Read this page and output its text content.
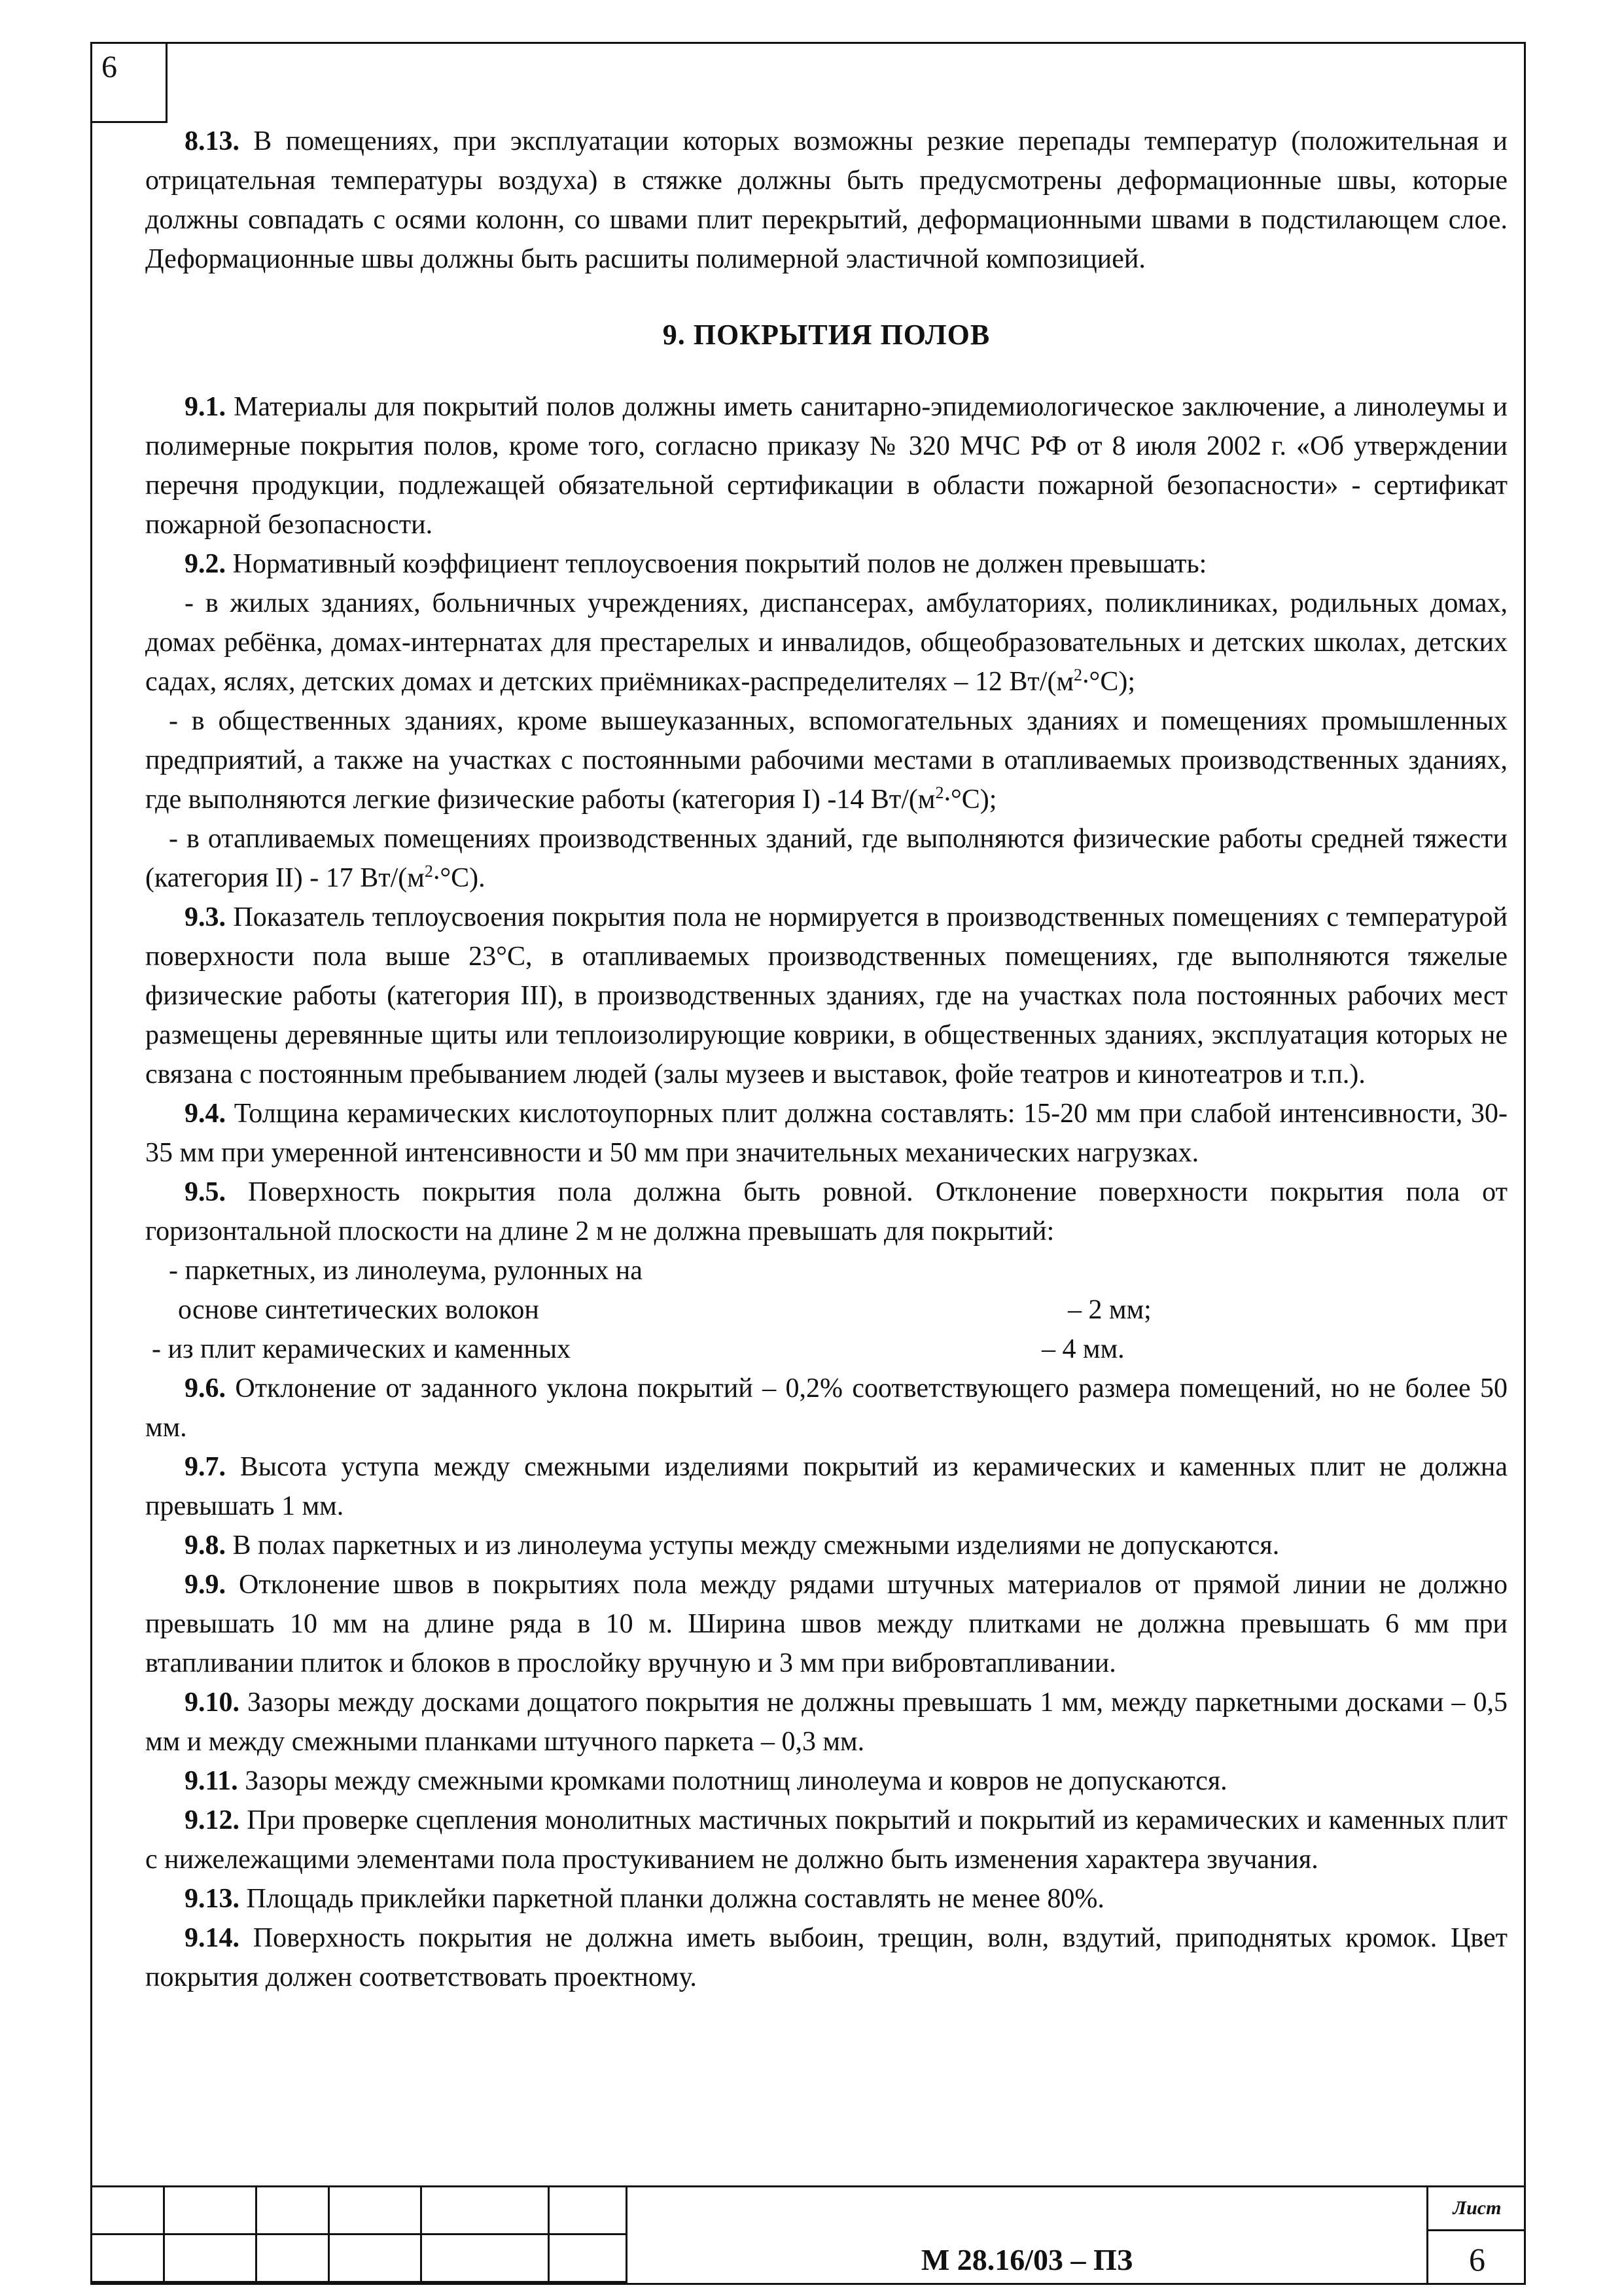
6

8.13. В помещениях, при эксплуатации которых возможны резкие перепады температур (положительная и отрицательная температуры воздуха) в стяжке должны быть предусмотрены деформационные швы, которые должны совпадать с осями колонн, со швами плит перекрытий, деформационными швами в подстилающем слое. Деформационные швы должны быть расшиты полимерной эластичной композицией.

9. ПОКРЫТИЯ ПОЛОВ

9.1. Материалы для покрытий полов должны иметь санитарно-эпидемиологическое заключение, а линолеумы и полимерные покрытия полов, кроме того, согласно приказу № 320 МЧС РФ от 8 июля 2002 г. «Об утверждении перечня продукции, подлежащей обязательной сертификации в области пожарной безопасности» - сертификат пожарной безопасности.

9.2. Нормативный коэффициент теплоусвоения покрытий полов не должен превышать:

- в жилых зданиях, больничных учреждениях, диспансерах, амбулаториях, поликлиниках, родильных домах, домах ребёнка, домах-интернатах для престарелых и инвалидов, общеобразовательных и детских школах, детских садах, яслях, детских домах и детских приёмниках-распределителях – 12 $Вт/(м^2\cdot^\circ С)$;

- в общественных зданиях, кроме вышеуказанных, вспомогательных зданиях и помещениях промышленных предприятий, а также на участках с постоянными рабочими местами в отапливаемых производственных зданиях, где выполняются легкие физические работы (категория I) -14 $Вт/(м^2\cdot^\circ С)$;

- в отапливаемых помещениях производственных зданий, где выполняются физические работы средней тяжести (категория II) - 17 $Вт/(м^2\cdot^\circ С)$.

9.3. Показатель теплоусвоения покрытия пола не нормируется в производственных помещениях с температурой поверхности пола выше 23°С, в отапливаемых производственных помещениях, где выполняются тяжелые физические работы (категория III), в производственных зданиях, где на участках пола постоянных рабочих мест размещены деревянные щиты или теплоизолирующие коврики, в общественных зданиях, эксплуатация которых не связана с постоянным пребыванием людей (залы музеев и выставок, фойе театров и кинотеатров и т.п.).

9.4. Толщина керамических кислотоупорных плит должна составлять: 15-20 мм при слабой интенсивности, 30-35 мм при умеренной интенсивности и 50 мм при значительных механических нагрузках.

9.5. Поверхность покрытия пола должна быть ровной. Отклонение поверхности покрытия пола от горизонтальной плоскости на длине 2 м не должна превышать для покрытий:

- паркетных, из линолеума, рулонных на

основе синтетических волокон	– 2 мм;
- из плит керамических и каменных	– 4 мм.

9.6. Отклонение от заданного уклона покрытий – 0,2% соответствующего размера помещений, но не более 50 мм.

9.7. Высота уступа между смежными изделиями покрытий из керамических и каменных плит не должна превышать 1 мм.

9.8. В полах паркетных и из линолеума уступы между смежными изделиями не допускаются.

9.9. Отклонение швов в покрытиях пола между рядами штучных материалов от прямой линии не должно превышать 10 мм на длине ряда в 10 м. Ширина швов между плитками не должна превышать 6 мм при втапливании плиток и блоков в прослойку вручную и 3 мм при вибровтапливании.

9.10. Зазоры между досками дощатого покрытия не должны превышать 1 мм, между паркетными досками – 0,5 мм и между смежными планками штучного паркета – 0,3 мм.

9.11. Зазоры между смежными кромками полотнищ линолеума и ковров не допускаются.

9.12. При проверке сцепления монолитных мастичных покрытий и покрытий из керамических и каменных плит с нижележащими элементами пола простукиванием не должно быть изменения характера звучания.

9.13. Площадь приклейки паркетной планки должна составлять не менее 80%.

9.14. Поверхность покрытия не должна иметь выбоин, трещин, волн, вздутий, приподнятых кромок. Цвет покрытия должен соответствовать проектному.

М 28.16/03 – ПЗ
Лист
6
